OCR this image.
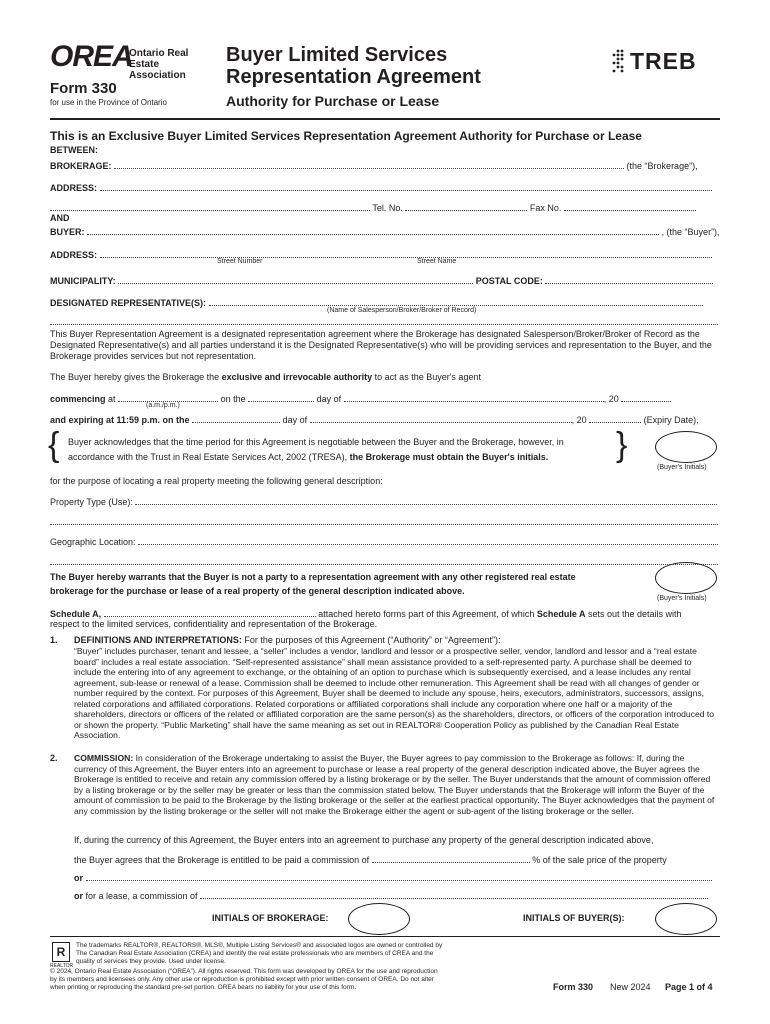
OREA
Ontario Real Estate
Association
Form 330
for use in the Province of Ontario
Buyer Limited Services
Representation Agreement
Authority for Purchase or Lease
TREB
This is an Exclusive Buyer Limited Services Representation Agreement Authority for Purchase or Lease
BETWEEN:
BROKERAGE:	(the “Brokerage”),
ADDRESS:
Tel. No.	Fax No.
AND
BUYER:	, (the “Buyer”),
ADDRESS:
Street Number	Street Name
MUNICIPALITY:	POSTAL CODE:
DESIGNATED REPRESENTATIVE(S):
(Name of Salesperson/Broker/Broker of Record)
This Buyer Representation Agreement is a designated representation agreement where the Brokerage has designated Salesperson/Broker/Broker of Record as the Designated Representative(s) and all parties understand it is the Designated Representative(s) who will be providing services and representation to the Buyer, and the Brokerage provides services but not representation.
The Buyer hereby gives the Brokerage the exclusive and irrevocable authority to act as the Buyer's agent
commencing at	on the	day of	, 20
(a.m./p.m.)
and expiring at 11:59 p.m. on the	day of	, 20	(Expiry Date),
{	}
Buyer acknowledges that the time period for this Agreement is negotiable between the Buyer and the Brokerage, however, in
accordance with the Trust in Real Estate Services Act, 2002 (TRESA), the Brokerage must obtain the Buyer's initials.
(Buyer's Initials)
for the purpose of locating a real property meeting the following general description:
Property Type (Use):
Geographic Location:
The Buyer hereby warrants that the Buyer is not a party to a representation agreement with any other registered real estate
brokerage for the purchase or lease of a real property of the general description indicated above.
(Buyer's Initials)
Schedule A,	attached hereto forms part of this Agreement, of which Schedule A sets out the details with
respect to the limited services, confidentiality and representation of the Brokerage.
1. DEFINITIONS AND INTERPRETATIONS: For the purposes of this Agreement (“Authority” or “Agreement”):
“Buyer” includes purchaser, tenant and lessee, a “seller” includes a vendor, landlord and lessor or a prospective seller, vendor, landlord and lessor and a “real estate board” includes a real estate association. “Self-represented assistance” shall mean assistance provided to a self-represented party. A purchase shall be deemed to include the entering into of any agreement to exchange, or the obtaining of an option to purchase which is subsequently exercised, and a lease includes any rental agreement, sub-lease or renewal of a lease. Commission shall be deemed to include other remuneration. This Agreement shall be read with all changes of gender or number required by the context. For purposes of this Agreement, Buyer shall be deemed to include any spouse, heirs, executors, administrators, successors, assigns, related corporations and affiliated corporations. Related corporations or affiliated corporations shall include any corporation where one half or a majority of the shareholders, directors or officers of the related or affiliated corporation are the same person(s) as the shareholders, directors, or officers of the corporation introduced to or shown the property. “Public Marketing” shall have the same meaning as set out in REALTOR® Cooperation Policy as published by the Canadian Real Estate Association.
2. COMMISSION: In consideration of the Brokerage undertaking to assist the Buyer, the Buyer agrees to pay commission to the Brokerage as follows: If, during the currency of this Agreement, the Buyer enters into an agreement to purchase or lease a real property of the general description indicated above, the Buyer agrees the Brokerage is entitled to receive and retain any commission offered by a listing brokerage or by the seller. The Buyer understands that the amount of commission offered by a listing brokerage or by the seller may be greater or less than the commission stated below. The Buyer understands that the Brokerage will inform the Buyer of the amount of commission to be paid to the Brokerage by the listing brokerage or the seller at the earliest practical opportunity. The Buyer acknowledges that the payment of any commission by the listing brokerage or the seller will not make the Brokerage either the agent or sub-agent of the listing brokerage or the seller.
If, during the currency of this Agreement, the Buyer enters into an agreement to purchase any property of the general description indicated above,
the Buyer agrees that the Brokerage is entitled to be paid a commission of	% of the sale price of the property
or
or for a lease, a commission of
INITIALS OF BROKERAGE:	INITIALS OF BUYER(S):
R
REALTOR
The trademarks REALTOR®, REALTORS®, MLS®, Multiple Listing Services® and associated logos are owned or controlled by
The Canadian Real Estate Association (CREA) and identify the real estate professionals who are members of CREA and the
quality of services they provide. Used under license.
© 2024, Ontario Real Estate Association (“OREA”). All rights reserved. This form was developed by OREA for the use and reproduction
by its members and licensees only. Any other use or reproduction is prohibited except with prior written consent of OREA. Do not alter
when printing or reproducing the standard pre-set portion. OREA bears no liability for your use of this form.	Form 330 New 2024 Page 1 of 4
